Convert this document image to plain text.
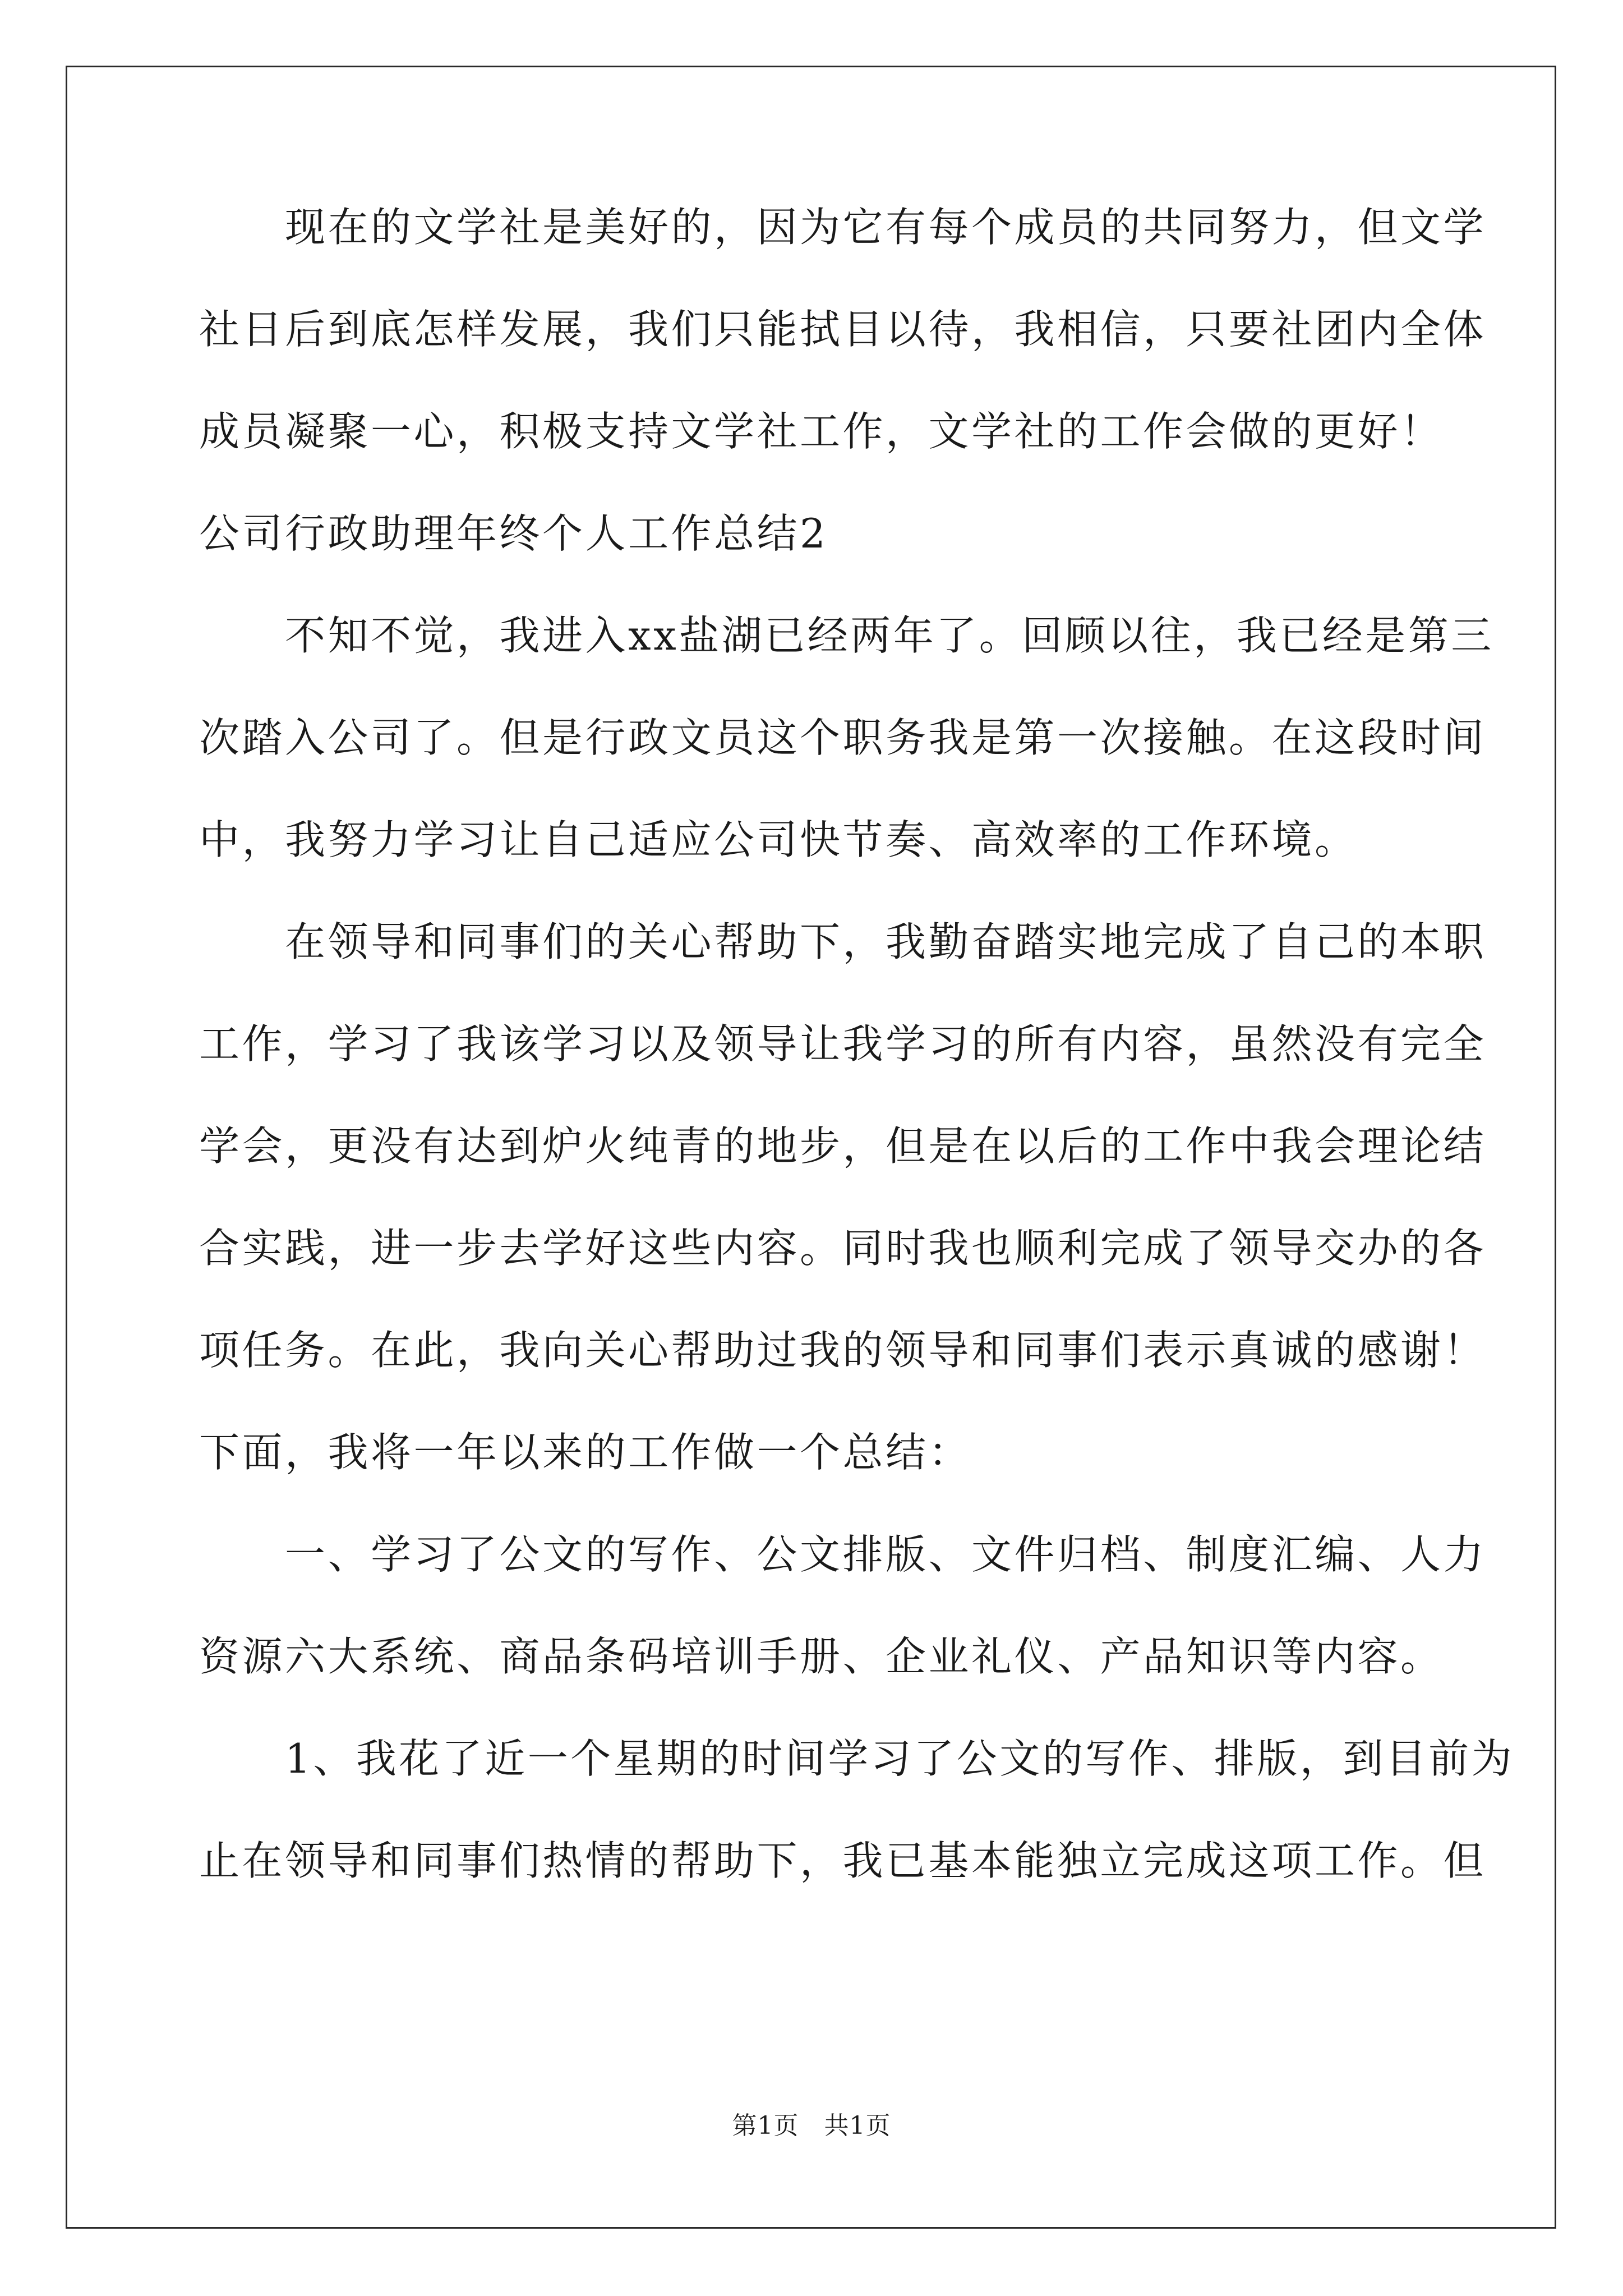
　　现在的文学社是美好的，因为它有每个成员的共同努力，但文学
社日后到底怎样发展，我们只能拭目以待，我相信，只要社团内全体
成员凝聚一心，积极支持文学社工作，文学社的工作会做的更好！
公司行政助理年终个人工作总结2
　　不知不觉，我进入xx盐湖已经两年了。回顾以往，我已经是第三
次踏入公司了。但是行政文员这个职务我是第一次接触。在这段时间
中，我努力学习让自己适应公司快节奏、高效率的工作环境。
　　在领导和同事们的关心帮助下，我勤奋踏实地完成了自己的本职
工作，学习了我该学习以及领导让我学习的所有内容，虽然没有完全
学会，更没有达到炉火纯青的地步，但是在以后的工作中我会理论结
合实践，进一步去学好这些内容。同时我也顺利完成了领导交办的各
项任务。在此，我向关心帮助过我的领导和同事们表示真诚的感谢！
下面，我将一年以来的工作做一个总结：
　　一、学习了公文的写作、公文排版、文件归档、制度汇编、人力
资源六大系统、商品条码培训手册、企业礼仪、产品知识等内容。
　　1、我花了近一个星期的时间学习了公文的写作、排版，到目前为
止在领导和同事们热情的帮助下，我已基本能独立完成这项工作。但
第1页　共1页
